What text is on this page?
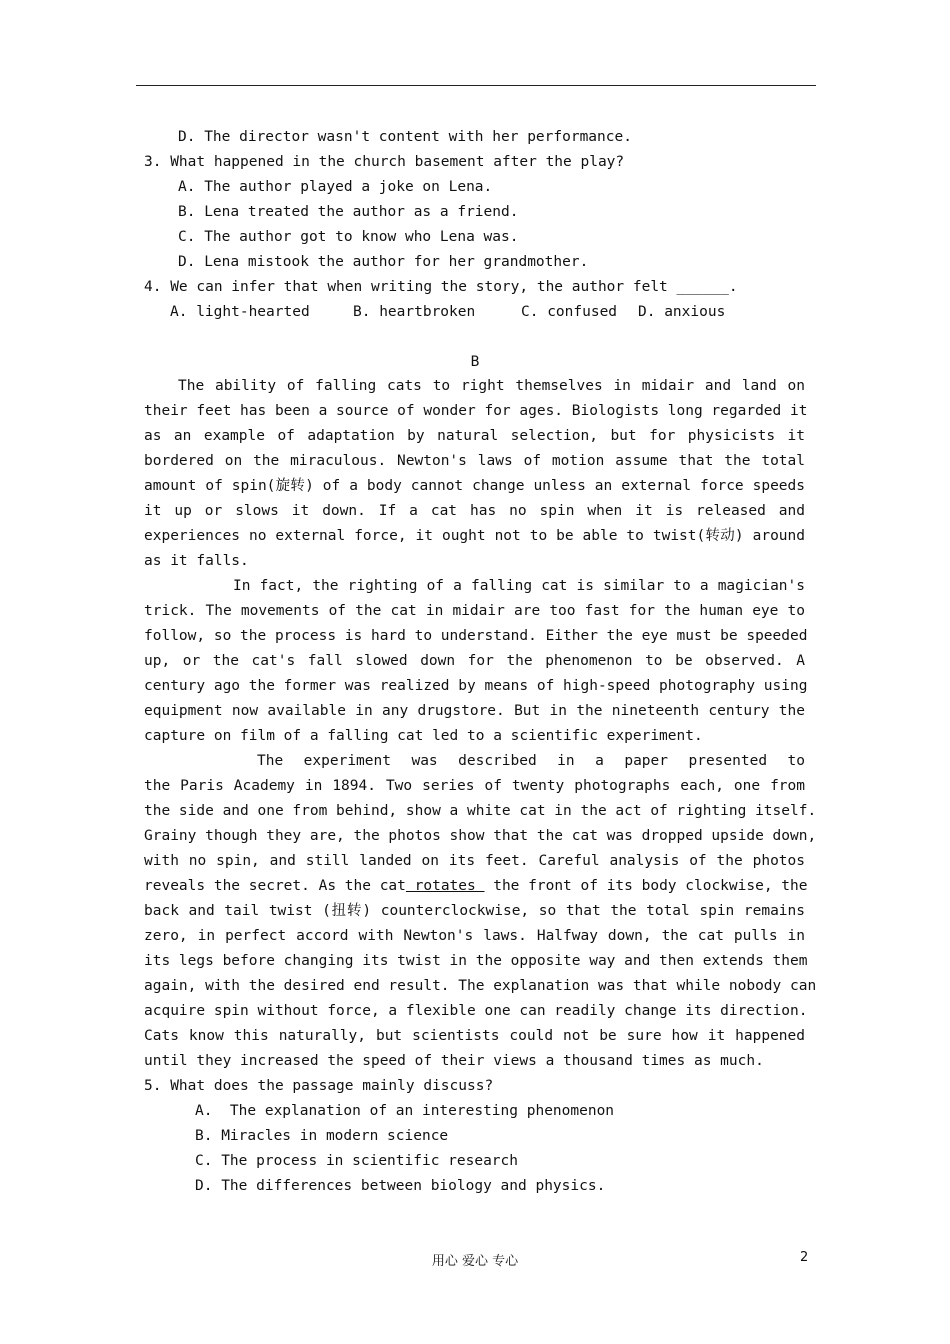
D. The director wasn't content with her performance.
3. What happened in the church basement after the play?
A. The author played a joke on Lena.
B. Lena treated the author as a friend.
C. The author got to know who Lena was.
D. Lena mistook the author for her grandmother.
4. We can infer that when writing the story, the author felt ______.
A. light-hearted	B. heartbroken	C. confused D. anxious
B
The ability of falling cats to right themselves in midair and land on
their feet has been a source of wonder for ages. Biologists long regarded it
as an example of adaptation by natural selection, but for physicists it
bordered on the miraculous. Newton's laws of motion assume that the total
amount of spin(旋转) of a body cannot change unless an external force speeds
it up or slows it down. If a cat has no spin when it is released and
experiences no external force, it ought not to be able to twist(转动) around
as it falls.
In fact, the righting of a falling cat is similar to a magician's
trick. The movements of the cat in midair are too fast for the human eye to
follow, so the process is hard to understand. Either the eye must be speeded
up, or the cat's fall slowed down for the phenomenon to be observed. A
century ago the former was realized by means of high-speed photography using
equipment now available in any drugstore. But in the nineteenth century the
capture on film of a falling cat led to a scientific experiment.
The experiment was described in a paper presented to
the Paris Academy in 1894. Two series of twenty photographs each, one from
the side and one from behind, show a white cat in the act of righting itself.
Grainy though they are, the photos show that the cat was dropped upside down,
with no spin, and still landed on its feet. Careful analysis of the photos
reveals the secret. As the cat rotates  the front of its body clockwise, the
back and tail twist (扭转) counterclockwise, so that the total spin remains
zero, in perfect accord with Newton's laws. Halfway down, the cat pulls in
its legs before changing its twist in the opposite way and then extends them
again, with the desired end result. The explanation was that while nobody can
acquire spin without force, a flexible one can readily change its direction.
Cats know this naturally, but scientists could not be sure how it happened
until they increased the speed of their views a thousand times as much.
5. What does the passage mainly discuss?
A.  The explanation of an interesting phenomenon
B. Miracles in modern science
C. The process in scientific research
D. The differences between biology and physics.
用心 爱心 专心	2
